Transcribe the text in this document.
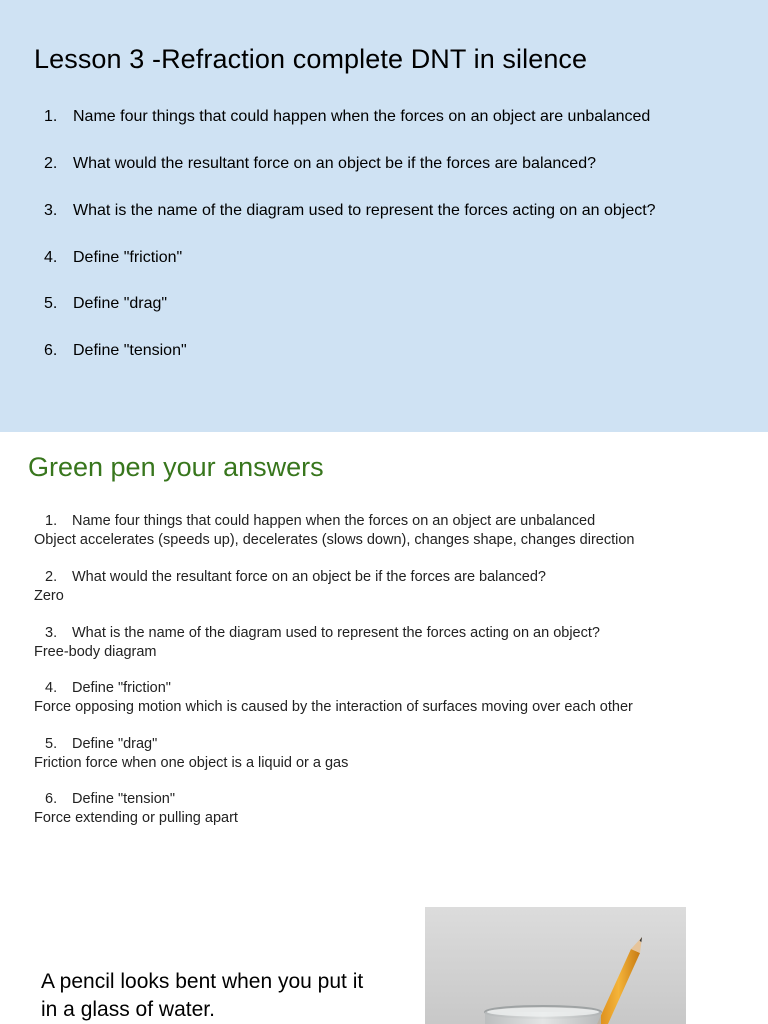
Lesson 3 -Refraction complete DNT in silence
1. Name four things that could happen when the forces on an object are unbalanced
2. What would the resultant force on an object be if the forces are balanced?
3. What is the name of the diagram used to represent the forces acting on an object?
4. Define "friction"
5. Define "drag"
6. Define "tension"
Green pen your answers
1. Name four things that could happen when the forces on an object are unbalanced
Object accelerates (speeds up), decelerates (slows down), changes shape, changes direction
2. What would the resultant force on an object be if the forces are balanced?
Zero
3. What is the name of the diagram used to represent the forces acting on an object?
Free-body diagram
4. Define "friction"
Force opposing motion which is caused by the interaction of surfaces moving over each other
5. Define "drag"
Friction force when one object is a liquid or a gas
6. Define "tension"
Force extending or pulling apart

A pencil looks bent when you put it in a glass of water.
